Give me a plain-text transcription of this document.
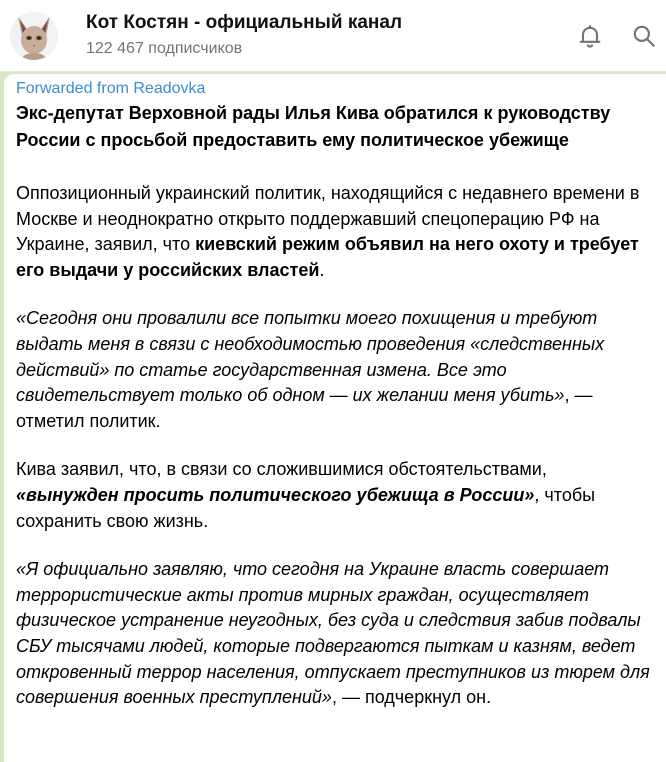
Кот Костян - официальный канал
122 467 подписчиков
Forwarded from Readovka

Экс-депутат Верховной рады Илья Кива обратился к руководству России с просьбой предоставить ему политическое убежище

Оппозиционный украинский политик, находящийся с недавнего времени в Москве и неоднократно открыто поддержавший спецоперацию РФ на Украине, заявил, что киевский режим объявил на него охоту и требует его выдачи у российских властей.

«Сегодня они провалили все попытки моего похищения и требуют выдать меня в связи с необходимостью проведения «следственных действий» по статье государственная измена. Все это свидетельствует только об одном — их желании меня убить», — отметил политик.

Кива заявил, что, в связи со сложившимися обстоятельствами, «вынужден просить политического убежища в России», чтобы сохранить свою жизнь.

«Я официально заявляю, что сегодня на Украине власть совершает террористические акты против мирных граждан, осуществляет физическое устранение неугодных, без суда и следствия забив подвалы СБУ тысячами людей, которые подвергаются пыткам и казням, ведет откровенный террор населения, отпускает преступников из тюрем для совершения военных преступлений», — подчеркнул он.
